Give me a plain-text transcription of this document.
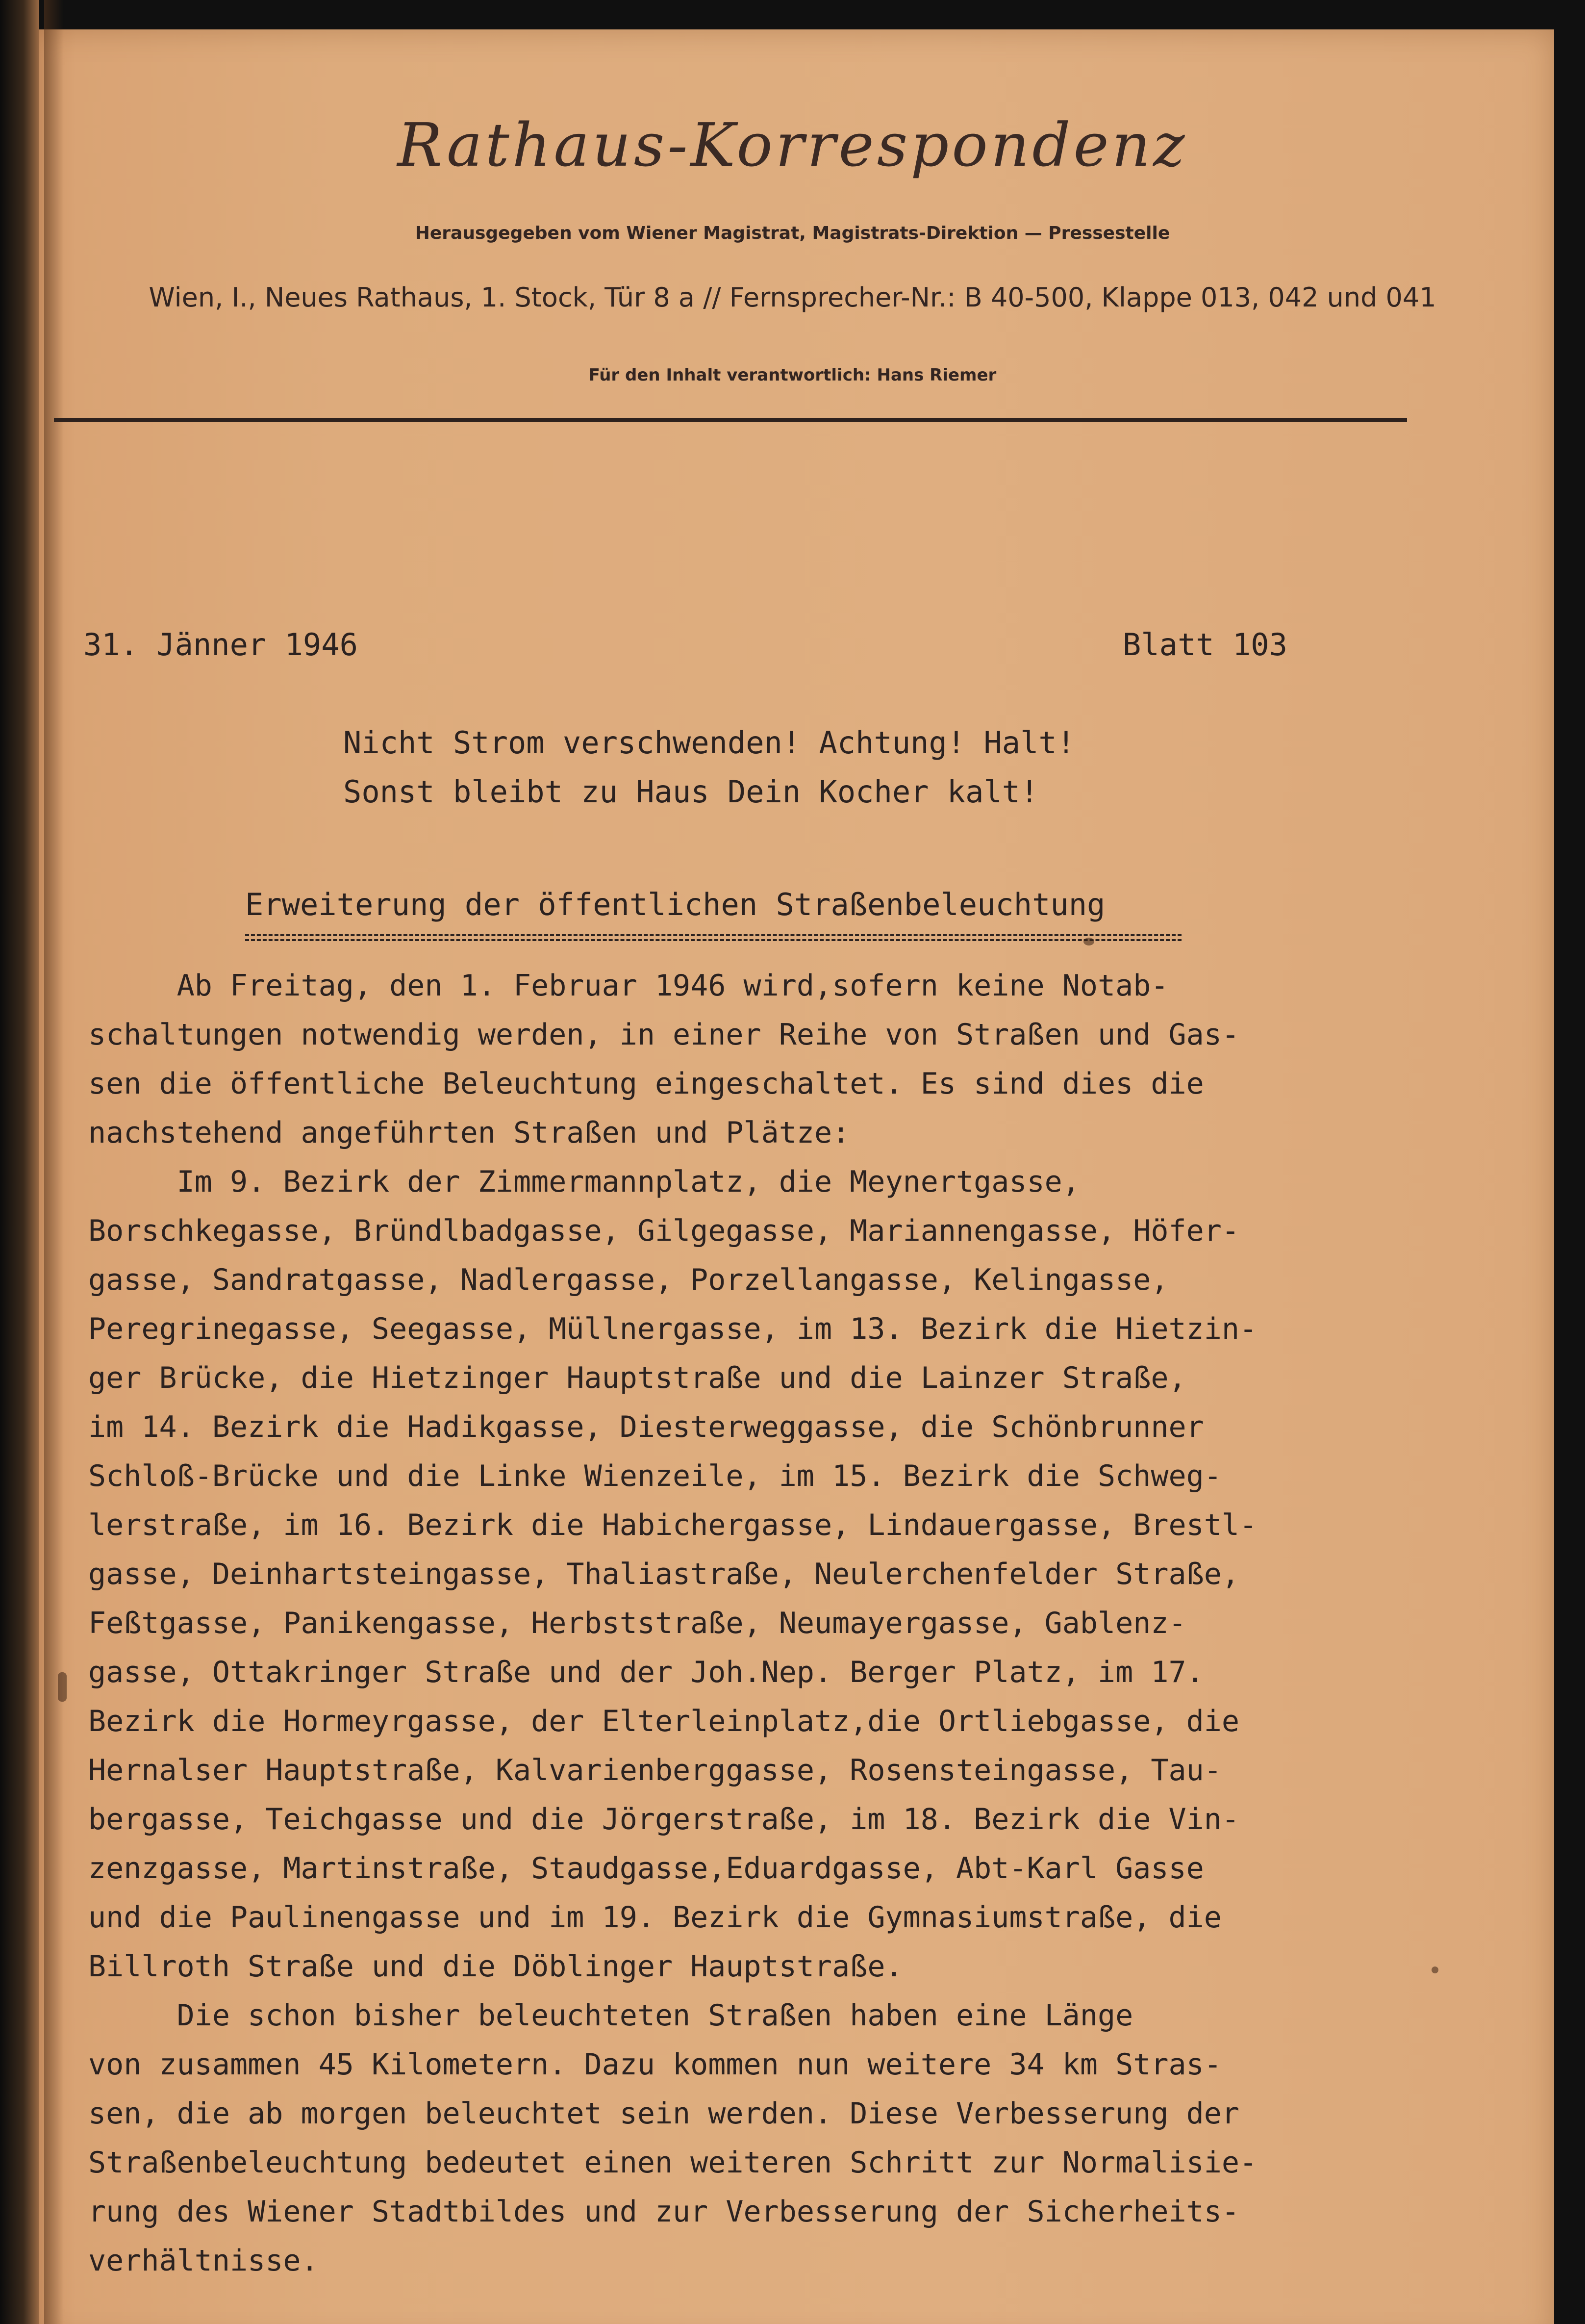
Rathaus-Korrespondenz
Herausgegeben vom Wiener Magistrat, Magistrats-Direktion — Pressestelle
Wien, I., Neues Rathaus, 1. Stock, Tür 8 a // Fernsprecher-Nr.: B 40-500, Klappe 013, 042 und 041
Für den Inhalt verantwortlich: Hans Riemer
31. Jänner 1946	Blatt 103
Nicht Strom verschwenden! Achtung! Halt!
Sonst bleibt zu Haus Dein Kocher kalt!
Erweiterung der öffentlichen Straßenbeleuchtung
Ab Freitag, den 1. Februar 1946 wird,sofern keine Notab-
schaltungen notwendig werden, in einer Reihe von Straßen und Gas-
sen die öffentliche Beleuchtung eingeschaltet. Es sind dies die
nachstehend angeführten Straßen und Plätze:
Im 9. Bezirk der Zimmermannplatz, die Meynertgasse,
Borschkegasse, Bründlbadgasse, Gilgegasse, Mariannengasse, Höfer-
gasse, Sandratgasse, Nadlergasse, Porzellangasse, Kelingasse,
Peregrinegasse, Seegasse, Müllnergasse, im 13. Bezirk die Hietzin-
ger Brücke, die Hietzinger Hauptstraße und die Lainzer Straße,
im 14. Bezirk die Hadikgasse, Diesterweggasse, die Schönbrunner
Schloß-Brücke und die Linke Wienzeile, im 15. Bezirk die Schweg-
lerstraße, im 16. Bezirk die Habichergasse, Lindauergasse, Brestl-
gasse, Deinhartsteingasse, Thaliastraße, Neulerchenfelder Straße,
Feßtgasse, Panikengasse, Herbststraße, Neumayergasse, Gablenz-
gasse, Ottakringer Straße und der Joh.Nep. Berger Platz, im 17.
Bezirk die Hormeyrgasse, der Elterleinplatz,die Ortliebgasse, die
Hernalser Hauptstraße, Kalvarienberggasse, Rosensteingasse, Tau-
bergasse, Teichgasse und die Jörgerstraße, im 18. Bezirk die Vin-
zenzgasse, Martinstraße, Staudgasse,Eduardgasse, Abt-Karl Gasse
und die Paulinengasse und im 19. Bezirk die Gymnasiumstraße, die
Billroth Straße und die Döblinger Hauptstraße.
Die schon bisher beleuchteten Straßen haben eine Länge
von zusammen 45 Kilometern. Dazu kommen nun weitere 34 km Stras-
sen, die ab morgen beleuchtet sein werden. Diese Verbesserung der
Straßenbeleuchtung bedeutet einen weiteren Schritt zur Normalisie-
rung des Wiener Stadtbildes und zur Verbesserung der Sicherheits-
verhältnisse.
